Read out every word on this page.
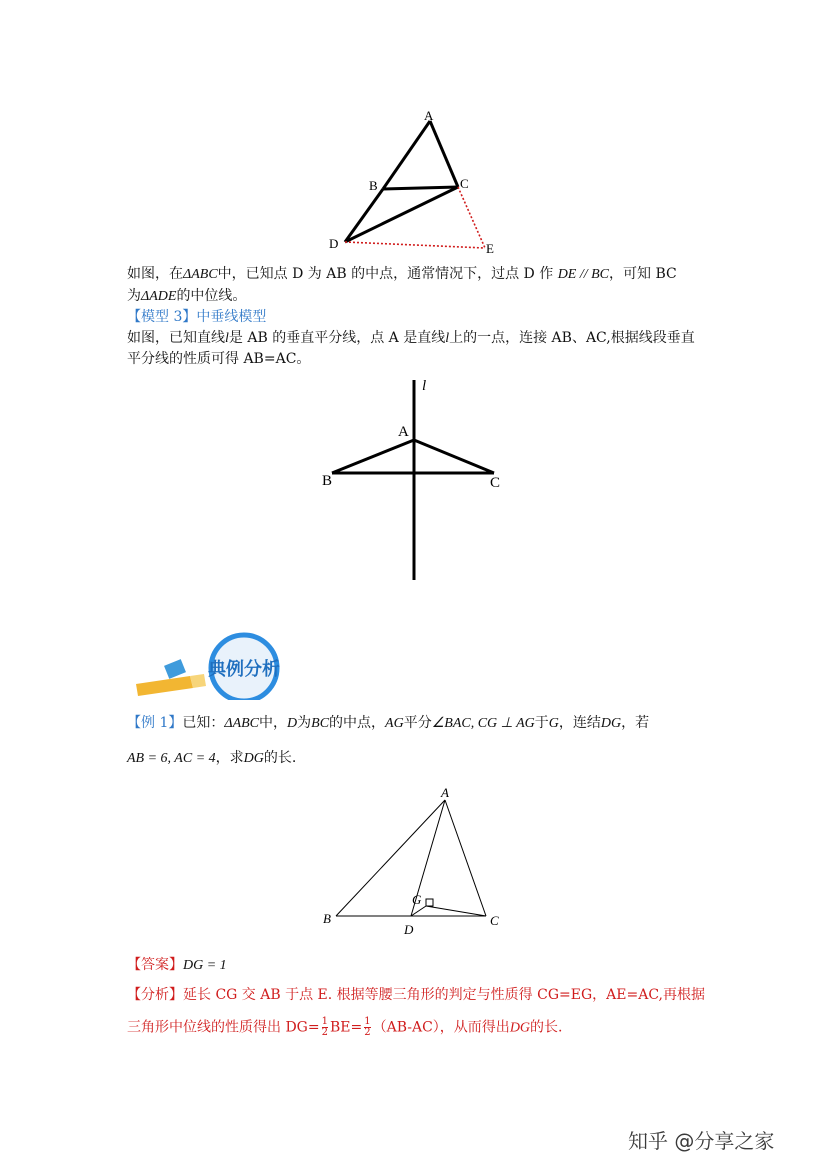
A
B	C
D	E
如图，在ΔABC中，已知点 D 为 AB 的中点，通常情况下，过点 D 作 DE // BC，可知 BC
为ΔADE的中位线。
【模型 3】中垂线模型
如图，已知直线l是 AB 的垂直平分线，点 A 是直线l上的一点，连接 AB、AC,根据线段垂直
平分线的性质可得 AB=AC。
l
A
B	C
典例分析
【例 1】已知：ΔABC中，D为BC的中点，AG平分∠BAC, CG ⊥ AG于G，连结DG，若
AB = 6, AC = 4，求DG的长.
A
B	C
D
G
【答案】DG = 1
【分析】延长 CG 交 AB 于点 E. 根据等腰三角形的判定与性质得 CG=EG，AE=AC,再根据
三角形中位线的性质得出 $DG= \frac{1}{2} BE= \frac{1}{2} (AB-AC)$，从而得出DG的长.
知乎 @分享之家
